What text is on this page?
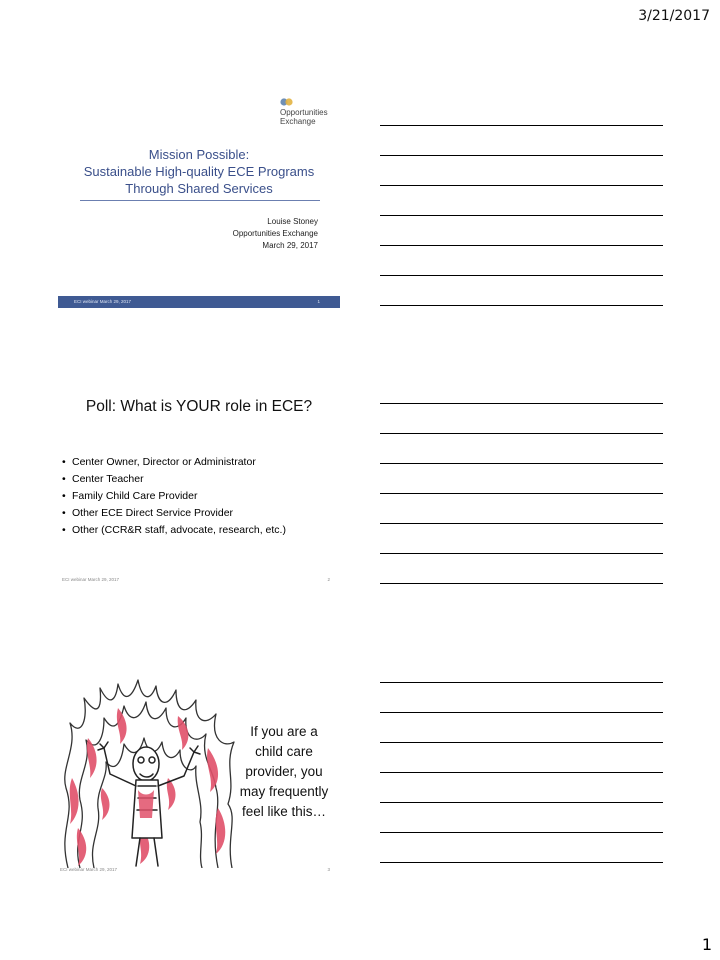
3/21/2017
Opportunities
Exchange
Mission Possible:
Sustainable High-quality ECE Programs
Through Shared Services
Louise Stoney
Opportunities Exchange
March 29, 2017
ECI webinar March 29, 2017	1
Poll: What is YOUR role in ECE?
• Center Owner, Director or Administrator
• Center Teacher
• Family Child Care Provider
• Other ECE Direct Service Provider
• Other (CCR&R staff, advocate, research, etc.)
ECI webinar March 29, 2017	2
If you are a
child care
provider, you
may frequently
feel like this…
ECI webinar March 29, 2017	3
1
